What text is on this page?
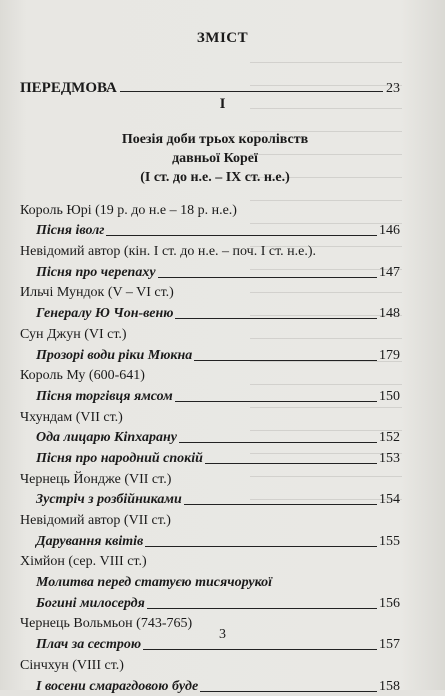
ЗМІСТ
ПЕРЕДМОВА	23
I
Поезія доби трьох королівств
давньої Кореї
(I ст. до н.е. – IX ст. н.е.)
Король Юрі (19 р. до н.е – 18 р. н.е.)
Пісня іволг	146
Невідомий автор (кін. I ст. до н.е. – поч. I ст. н.е.).
Пісня про черепаху	147
Ильчі Мундок (V – VI ст.)
Генералу Ю Чон-веню	148
Сун Джун (VI ст.)
Прозорі води ріки Мюкна	179
Король Му (600-641)
Пісня торгівця ямсом	150
Чхундам (VII ст.)
Ода лицарю Кіпхарану	152
Пісня про народний спокій	153
Чернець Йондже (VII ст.)
Зустріч з розбійниками	154
Невідомий автор (VII ст.)
Дарування квітів	155
Хімйон (сер. VIII ст.)
Молитва перед статуєю тисячорукої
Богині милосердя	156
Чернець Вольмьон (743-765)
Плач за сестрою	157
Сінчхун (VIII ст.)
І восени смарагдовою буде	158
3
